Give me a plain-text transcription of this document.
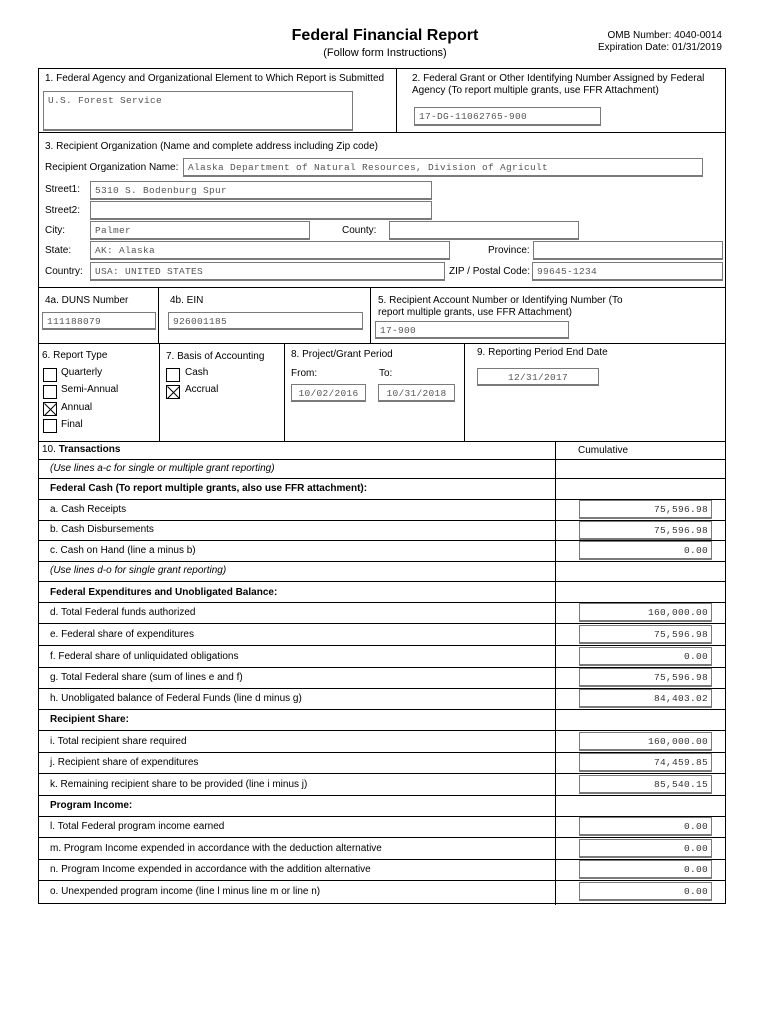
Federal Financial Report
(Follow form Instructions)
OMB Number: 4040-0014
Expiration Date: 01/31/2019
1. Federal Agency and Organizational Element to Which Report is Submitted
U.S. Forest Service
2. Federal Grant or Other Identifying Number Assigned by Federal Agency (To report multiple grants, use FFR Attachment)
17-DG-11062765-900
3. Recipient Organization (Name and complete address including Zip code)
Recipient Organization Name:	Alaska Department of Natural Resources, Division of Agricult
Street1:	5310 S. Bodenburg Spur
Street2:
City:	Palmer	County:
State:	AK: Alaska	Province:
Country:	USA: UNITED STATES	ZIP / Postal Code: 99645-1234
4a. DUNS Number
111188079
4b. EIN
926001185
5. Recipient Account Number or Identifying Number (To report multiple grants, use FFR Attachment)
17-900
6. Report Type
Quarterly
Semi-Annual
Annual
Final
7. Basis of Accounting
Cash
Accrual
8. Project/Grant Period
From:
10/02/2016
To:
10/31/2018
9. Reporting Period End Date
12/31/2017
10. Transactions	Cumulative
(Use lines a-c for single or multiple grant reporting)
Federal Cash (To report multiple grants, also use FFR attachment):
a. Cash Receipts	75,596.98
b. Cash Disbursements	75,596.98
c. Cash on Hand (line a minus b)	0.00
(Use lines d-o for single grant reporting)
Federal Expenditures and Unobligated Balance:
d. Total Federal funds authorized	160,000.00
e. Federal share of expenditures	75,596.98
f. Federal share of unliquidated obligations	0.00
g. Total Federal share (sum of lines e and f)	75,596.98
h. Unobligated balance of Federal Funds (line d minus g)	84,403.02
Recipient Share:
i. Total recipient share required	160,000.00
j. Recipient share of expenditures	74,459.85
k. Remaining recipient share to be provided (line i minus j)	85,540.15
Program Income:
l. Total Federal program income earned	0.00
m. Program Income expended in accordance with the deduction alternative	0.00
n. Program Income expended in accordance with the addition alternative	0.00
o. Unexpended program income (line l minus line m or line n)	0.00
